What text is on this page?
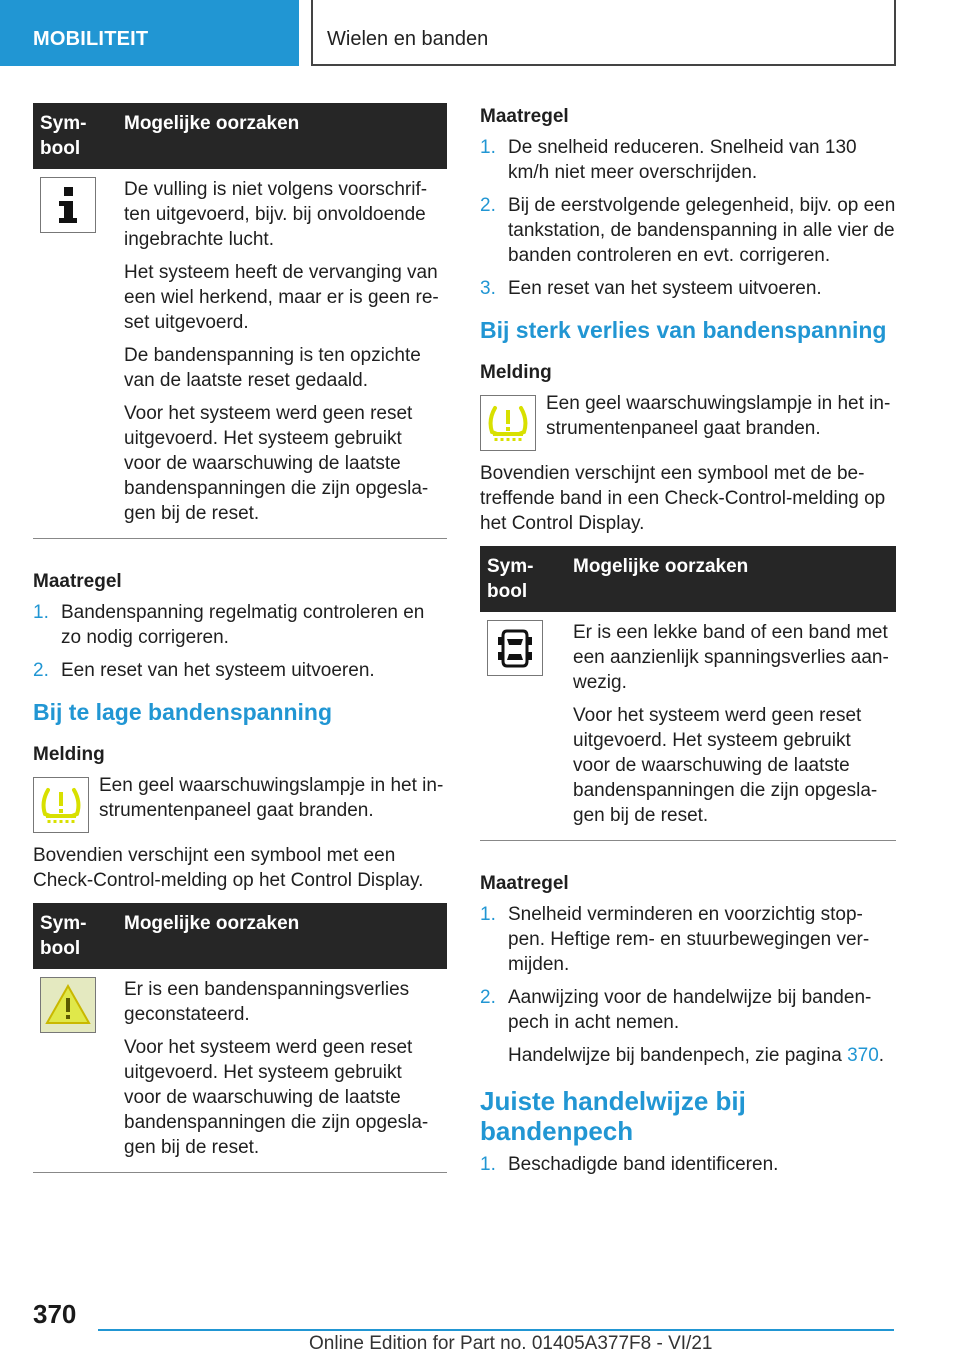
MOBILITEIT	Wielen en banden
Sym-
bool	Mogelijke oorzaken

De vulling is niet volgens voorschrif-ten uitgevoerd, bijv. bij onvoldoende ingebrachte lucht.

Het systeem heeft de vervanging van een wiel herkend, maar er is geen re-set uitgevoerd.

De bandenspanning is ten opzichte van de laatste reset gedaald.

Voor het systeem werd geen reset uitgevoerd. Het systeem gebruikt voor de waarschuwing de laatste bandenspanningen die zijn opgesla-gen bij de reset.

Maatregel
1. Bandenspanning regelmatig controleren en zo nodig corrigeren.
2. Een reset van het systeem uitvoeren.
Bij te lage bandenspanning
Melding

Een geel waarschuwingslampje in het in-strumentenpaneel gaat branden.

Bovendien verschijnt een symbool met een Check-Control-melding op het Control Display.

Sym-
bool	Mogelijke oorzaken

Er is een bandenspanningsverlies geconstateerd.

Voor het systeem werd geen reset uitgevoerd. Het systeem gebruikt voor de waarschuwing de laatste bandenspanningen die zijn opgesla-gen bij de reset.

Maatregel
1. De snelheid reduceren. Snelheid van 130 km/h niet meer overschrijden.
2. Bij de eerstvolgende gelegenheid, bijv. op een tankstation, de bandenspanning in alle vier de banden controleren en evt. corrigeren.
3. Een reset van het systeem uitvoeren.
Bij sterk verlies van bandenspanning
Melding

Een geel waarschuwingslampje in het in-strumentenpaneel gaat branden.

Bovendien verschijnt een symbool met de be-treffende band in een Check-Control-melding op het Control Display.

Sym-
bool	Mogelijke oorzaken

Er is een lekke band of een band met een aanzienlijk spanningsverlies aan-wezig.

Voor het systeem werd geen reset uitgevoerd. Het systeem gebruikt voor de waarschuwing de laatste bandenspanningen die zijn opgesla-gen bij de reset.

Maatregel
1. Snelheid verminderen en voorzichtig stop-pen. Heftige rem- en stuurbewegingen ver-mijden.
2. Aanwijzing voor de handelwijze bij banden-pech in acht nemen.
Handelwijze bij bandenpech, zie pagina 370.
Juiste handelwijze bij bandenpech
1. Beschadigde band identificeren.
370
Online Edition for Part no. 01405A377F8 - VI/21
